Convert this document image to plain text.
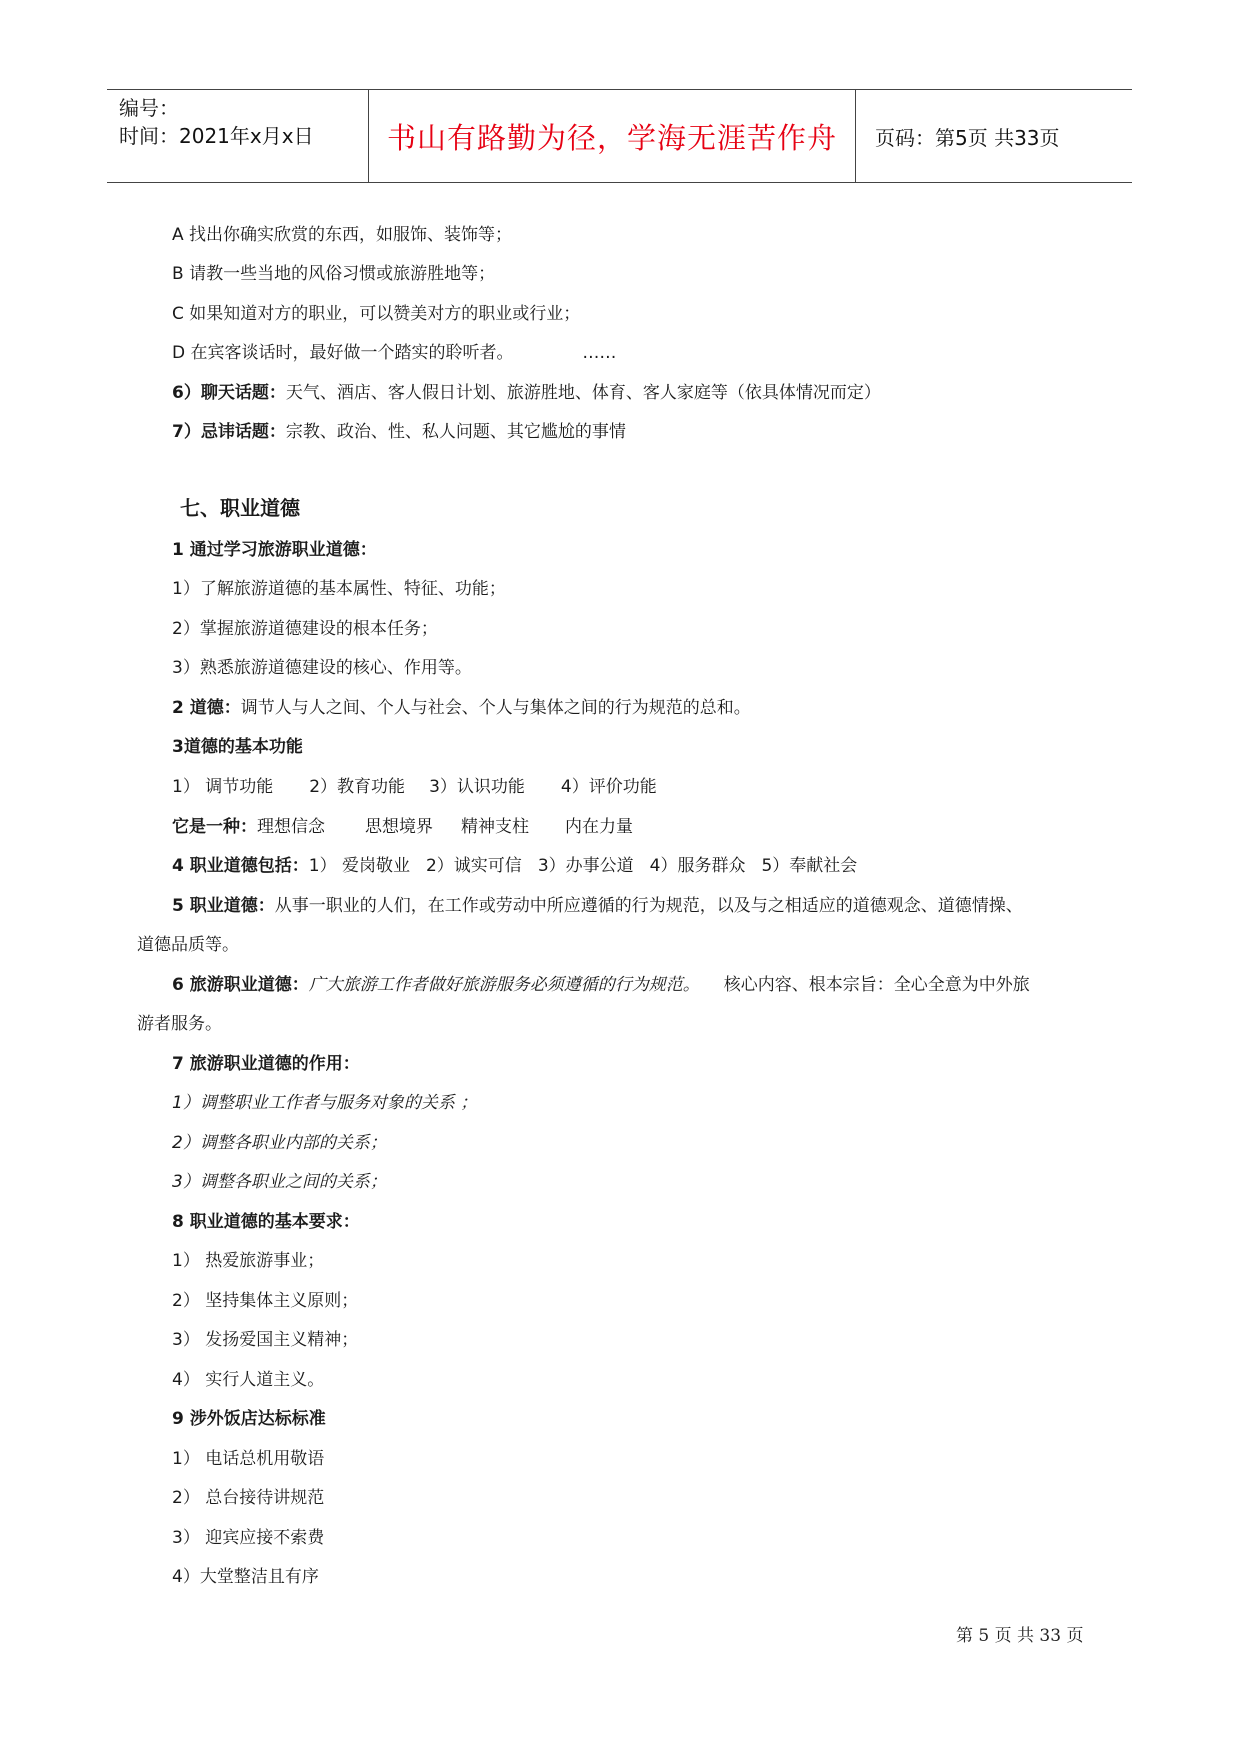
编号：
时间：2021年x月x日	书山有路勤为径，学海无涯苦作舟	页码：第5页 共33页
A 找出你确实欣赏的东西，如服饰、装饰等；
B 请教一些当地的风俗习惯或旅游胜地等；
C 如果知道对方的职业，可以赞美对方的职业或行业；
D 在宾客谈话时，最好做一个踏实的聆听者。	……
6）聊天话题：天气、酒店、客人假日计划、旅游胜地、体育、客人家庭等（依具体情况而定）
7）忌讳话题：宗教、政治、性、私人问题、其它尴尬的事情
七、职业道德
1 通过学习旅游职业道德：
1）了解旅游道德的基本属性、特征、功能；
2）掌握旅游道德建设的根本任务；
3）熟悉旅游道德建设的核心、作用等。
2 道德：调节人与人之间、个人与社会、个人与集体之间的行为规范的总和。
3道德的基本功能
1） 调节功能 2）教育功能 3）认识功能 4）评价功能
它是一种：理想信念 思想境界 精神支柱 内在力量
4 职业道德包括：1） 爱岗敬业 2）诚实可信 3）办事公道 4）服务群众 5）奉献社会
5 职业道德：从事一职业的人们，在工作或劳动中所应遵循的行为规范，以及与之相适应的道德观念、道德情操、
道德品质等。
6 旅游职业道德：广大旅游工作者做好旅游服务必须遵循的行为规范。 核心内容、根本宗旨：全心全意为中外旅
游者服务。
7 旅游职业道德的作用：
1）调整职业工作者与服务对象的关系 ；
2）调整各职业内部的关系；
3）调整各职业之间的关系；
8 职业道德的基本要求：
1） 热爱旅游事业；
2） 坚持集体主义原则；
3） 发扬爱国主义精神；
4） 实行人道主义。
9 涉外饭店达标标准
1） 电话总机用敬语
2） 总台接待讲规范
3） 迎宾应接不索费
4）大堂整洁且有序
第 5 页 共 33 页
